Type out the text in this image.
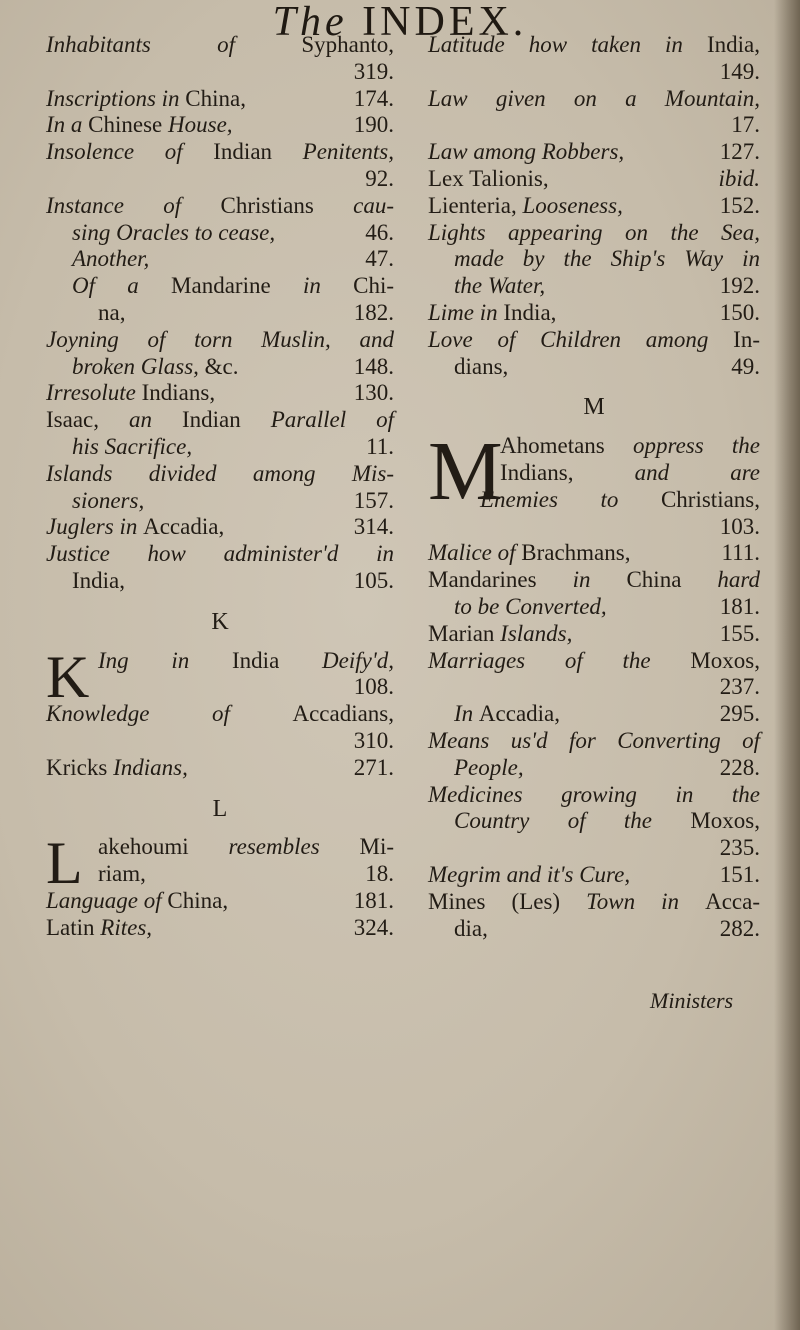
The INDEX.
Inhabitants of Syphanto,
319.
Inscriptions in China,	174.
In a Chinese House,	190.
Insolence of Indian Penitents,
92.
Instance of Christians cau-
sing Oracles to cease,	46.
Another,	47.
Of a Mandarine in Chi-
na,	182.
Joyning of torn Muslin, and
broken Glass, &c.	148.
Irresolute Indians,	130.
Isaac, an Indian Parallel of
his Sacrifice,	11.
Islands divided among Mis-
sioners,	157.
Juglers in Accadia,	314.
Justice how administer'd in
India,	105.
K
K Ing in India Deify'd,
108.
Knowledge of Accadians,
310.
Kricks Indians,	271.
L
L akehoumi resembles Mi-
riam,	18.
Language of China,	181.
Latin Rites,	324.
Latitude how taken in India,
149.
Law given on a Mountain,
17.
Law among Robbers,	127.
Lex Talionis,	ibid.
Lienteria, Looseness,	152.
Lights appearing on the Sea,
made by the Ship's Way in
the Water,	192.
Lime in India,	150.
Love of Children among In-
dians,	49.
M
M
Ahometans oppress the
Indians, and are
Enemies to Christians,
103.
Malice of Brachmans,	111.
Mandarines in China hard
to be Converted,	181.
Marian Islands,	155.
Marriages of the Moxos,
237.
In Accadia,	295.
Means us'd for Converting of
People,	228.
Medicines growing in the
Country of the Moxos,
235.
Megrim and it's Cure,	151.
Mines (Les) Town in Acca-
dia,	282.
Ministers
